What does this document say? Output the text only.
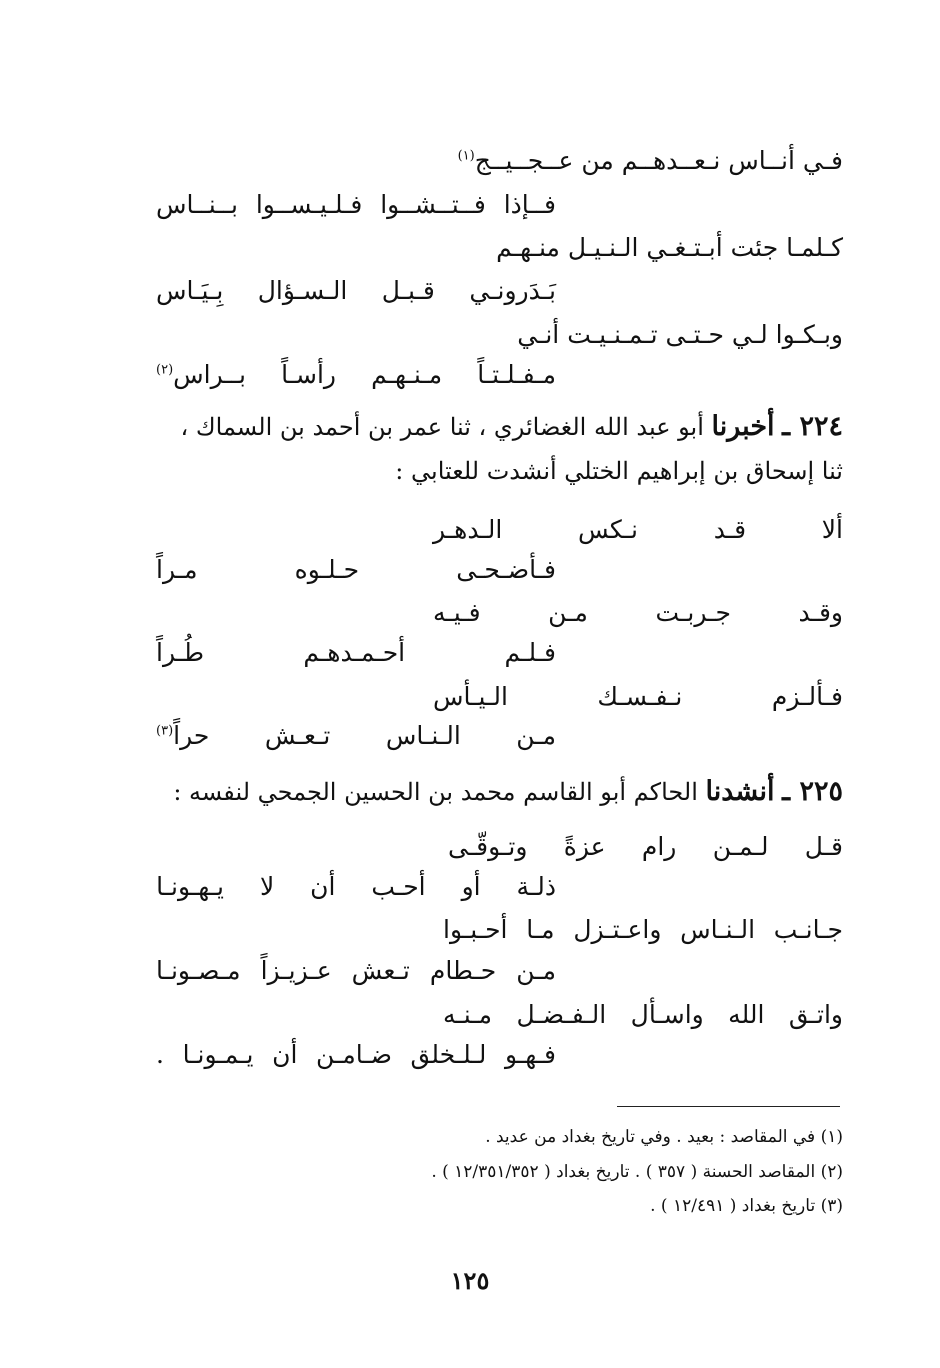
فـي أنــاس نـعــدهــم من عــجــيــج$^{(١)}$
فــإذا
فــتــشــوا
فـلـيـســوا
بــنــاس
كـلمـا جئت أبـتـغـي الـنـيـل منـهـم
بَـدَرونـي
قـبـل
الـسـؤال
بِـيَـاس
وبـكـوا لـي حـتـى تـمـنـيـت أنـي
مـفـلـتـاً
مـنـهـم
رأسـاً
بــراس$^{(٢)}$
٢٢٤ ـ أخبرنا أبو عبد الله الغضائري ، ثنا عمر بن أحمد بن السماك ،
ثنا إسحاق بن إبراهيم الختلي أنشدت للعتابي :
ألا
قـد
نـكس
الـدهـر
فـأضـحـى
حـلـوه
مـراً
وقـد
جـربـت
مـن
فـيـه
فـلـم
أحـمـدهـم
طُـراً
فـألـزم
نـفـسـك
الـيـأس
مـن
الـنـاس
تـعـش
حراً$^{(٣)}$
٢٢٥ ـ أنشدنا الحاكم أبو القاسم محمد بن الحسين الجمحي لنفسه :
قـل
لـمـن
رام
عزةً
وتـوقّـى
ذلـة
أو
أحـب
أن
لا
يـهـونـا
جـانـب
الـنـاس
واعـتـزل
مـا
أحـبـوا
مـن
حـطام
تـعش
عـزيـزاً
مـصـونـا
واتـق
الله
واسـأل
الـفـضـل
مـنـه
فـهـو
لـلـخلق
ضـامـن
أن
يـمـونـا
.
(١) في المقاصد : بعيد . وفي تاريخ بغداد من عديد .
(٢) المقاصد الحسنة ( ٣٥٧ ) . تاريخ بغداد ( ١٢/٣٥١/٣٥٢ ) .
(٣) تاريخ بغداد ( ١٢/٤٩١ ) .
١٢٥
